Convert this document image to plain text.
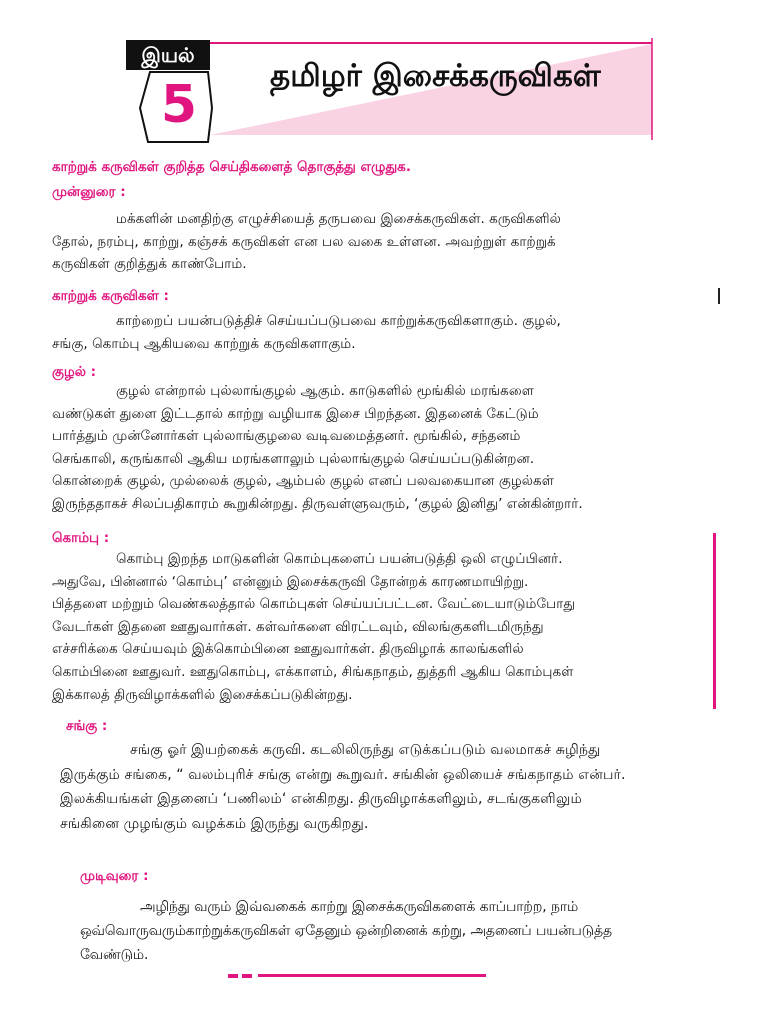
இயல்
5	தமிழர் இசைக்கருவிகள்
காற்றுக் கருவிகள் குறித்த செய்திகளைத் தொகுத்து எழுதுக.
முன்னுரை :
மக்களின் மனதிற்கு எழுச்சியைத் தருபவை இசைக்கருவிகள். கருவிகளில்
தோல், நரம்பு, காற்று, கஞ்சக் கருவிகள் என பல வகை உள்ளன. அவற்றுள் காற்றுக்
கருவிகள் குறித்துக் காண்போம்.
காற்றுக் கருவிகள் :
காற்றைப் பயன்படுத்திச் செய்யப்படுபவை காற்றுக்கருவிகளாகும். குழல்,
சங்கு, கொம்பு ஆகியவை காற்றுக் கருவிகளாகும்.
குழல் :
குழல் என்றால் புல்லாங்குழல் ஆகும். காடுகளில் மூங்கில் மரங்களை
வண்டுகள் துளை இட்டதால் காற்று வழியாக இசை பிறந்தன. இதனைக் கேட்டும்
பார்த்தும் முன்னோர்கள் புல்லாங்குழலை வடிவமைத்தனர். மூங்கில், சந்தனம்
செங்காலி, கருங்காலி ஆகிய மரங்களாலும் புல்லாங்குழல் செய்யப்படுகின்றன.
கொன்றைக் குழல், முல்லைக் குழல், ஆம்பல் குழல் எனப் பலவகையான குழல்கள்
இருந்ததாகச் சிலப்பதிகாரம் கூறுகின்றது. திருவள்ளுவரும், ‘குழல் இனிது’ என்கின்றார்.
கொம்பு :
கொம்பு இறந்த மாடுகளின் கொம்புகளைப் பயன்படுத்தி ஒலி எழுப்பினர்.
அதுவே, பின்னால் ‘கொம்பு’ என்னும் இசைக்கருவி தோன்றக் காரணமாயிற்று.
பித்தளை மற்றும் வெண்கலத்தால் கொம்புகள் செய்யப்பட்டன. வேட்டையாடும்போது
வேடர்கள் இதனை ஊதுவார்கள். கள்வர்களை விரட்டவும், விலங்குகளிடமிருந்து
எச்சரிக்கை செய்யவும் இக்கொம்பினை ஊதுவார்கள். திருவிழாக் காலங்களில்
கொம்பினை ஊதுவர். ஊதுகொம்பு, எக்காளம், சிங்கநாதம், துத்தரி ஆகிய கொம்புகள்
இக்காலத் திருவிழாக்களில் இசைக்கப்படுகின்றது.
சங்கு :
சங்கு ஓர் இயற்கைக் கருவி. கடலிலிருந்து எடுக்கப்படும் வலமாகச் சுழிந்து
இருக்கும் சங்கை, “ வலம்புரிச் சங்கு என்று கூறுவர். சங்கின் ஒலியைச் சங்கநாதம் என்பர்.
இலக்கியங்கள் இதனைப் ‘பணிலம்‘ என்கிறது. திருவிழாக்களிலும், சடங்குகளிலும்
சங்கினை முழங்கும் வழக்கம் இருந்து வருகிறது.
முடிவுரை :
அழிந்து வரும் இவ்வகைக் காற்று இசைக்கருவிகளைக் காப்பாற்ற, நாம்
ஒவ்வொருவரும்காற்றுக்கருவிகள் ஏதேனும் ஒன்றினைக் கற்று, அதனைப் பயன்படுத்த
வேண்டும்.
